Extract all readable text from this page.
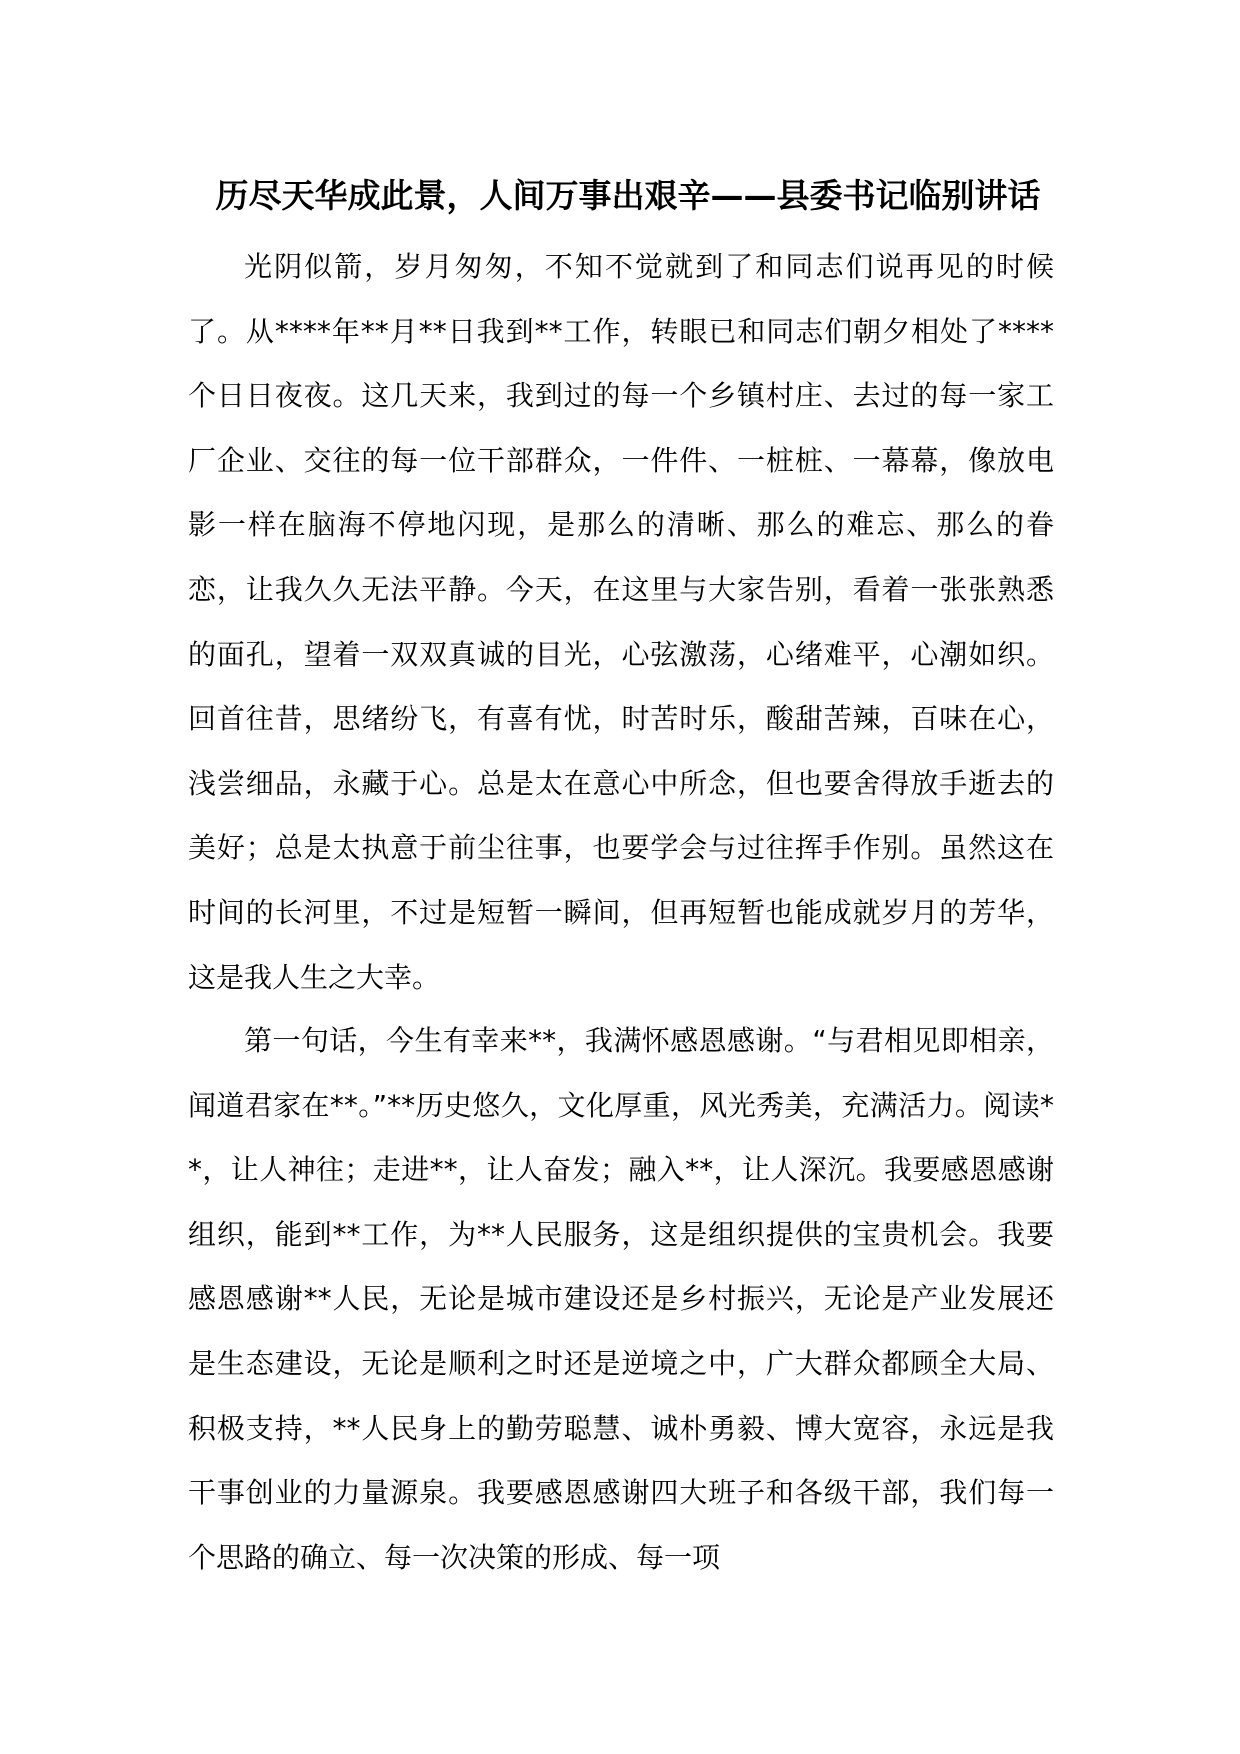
历尽天华成此景，人间万事出艰辛——县委书记临别讲话

光阴似箭，岁月匆匆，不知不觉就到了和同志们说再见的时候了。从****年**月**日我到**工作，转眼已和同志们朝夕相处了****个日日夜夜。这几天来，我到过的每一个乡镇村庄、去过的每一家工厂企业、交往的每一位干部群众，一件件、一桩桩、一幕幕，像放电影一样在脑海不停地闪现，是那么的清晰、那么的难忘、那么的眷恋，让我久久无法平静。今天，在这里与大家告别，看着一张张熟悉的面孔，望着一双双真诚的目光，心弦激荡，心绪难平，心潮如织。回首往昔，思绪纷飞，有喜有忧，时苦时乐，酸甜苦辣，百味在心，浅尝细品，永藏于心。总是太在意心中所念，但也要舍得放手逝去的美好；总是太执意于前尘往事，也要学会与过往挥手作别。虽然这在时间的长河里，不过是短暂一瞬间，但再短暂也能成就岁月的芳华，这是我人生之大幸。

第一句话，今生有幸来**，我满怀感恩感谢。“与君相见即相亲，闻道君家在**。”**历史悠久，文化厚重，风光秀美，充满活力。阅读**，让人神往；走进**，让人奋发；融入**，让人深沉。我要感恩感谢组织，能到**工作，为**人民服务，这是组织提供的宝贵机会。我要感恩感谢**人民，无论是城市建设还是乡村振兴，无论是产业发展还是生态建设，无论是顺利之时还是逆境之中，广大群众都顾全大局、积极支持，**人民身上的勤劳聪慧、诚朴勇毅、博大宽容，永远是我干事创业的力量源泉。我要感恩感谢四大班子和各级干部，我们每一个思路的确立、每一次决策的形成、每一项
